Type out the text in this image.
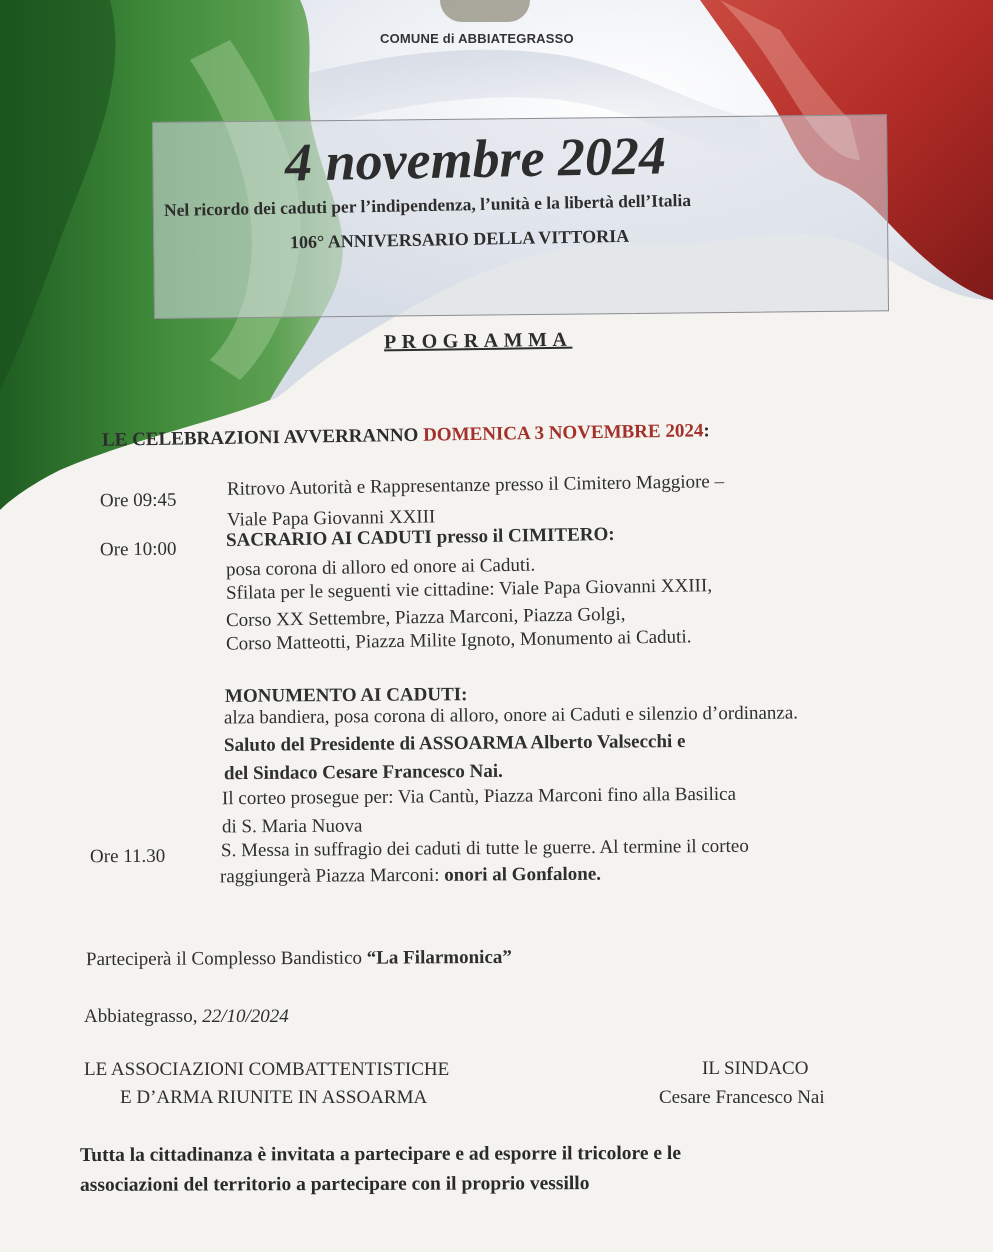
COMUNE di ABBIATEGRASSO
4 novembre 2024
Nel ricordo dei caduti per l’indipendenza, l’unità e la libertà dell’Italia
106° ANNIVERSARIO DELLA VITTORIA
PROGRAMMA
LE CELEBRAZIONI AVVERRANNO DOMENICA 3 NOVEMBRE 2024:
Ore 09:45
Ritrovo Autorità e Rappresentanze presso il Cimitero Maggiore –
Viale Papa Giovanni XXIII
Ore 10:00	SACRARIO AI CADUTI presso il CIMITERO:
posa corona di alloro ed onore ai Caduti.
Sfilata per le seguenti vie cittadine: Viale Papa Giovanni XXIII,
Corso XX Settembre, Piazza Marconi, Piazza Golgi,
Corso Matteotti, Piazza Milite Ignoto, Monumento ai Caduti.
MONUMENTO AI CADUTI:
alza bandiera, posa corona di alloro, onore ai Caduti e silenzio d’ordinanza.
Saluto del Presidente di ASSOARMA Alberto Valsecchi e
del Sindaco Cesare Francesco Nai.
Il corteo prosegue per: Via Cantù, Piazza Marconi fino alla Basilica
di S. Maria Nuova
Ore 11.30	S. Messa in suffragio dei caduti di tutte le guerre. Al termine il corteo
raggiungerà Piazza Marconi: onori al Gonfalone.
Parteciperà il Complesso Bandistico “La Filarmonica”
Abbiategrasso, 22/10/2024
LE ASSOCIAZIONI COMBATTENTISTICHE
E D’ARMA RIUNITE IN ASSOARMA
IL SINDACO
Cesare Francesco Nai
Tutta la cittadinanza è invitata a partecipare e ad esporre il tricolore e le
associazioni del territorio a partecipare con il proprio vessillo
